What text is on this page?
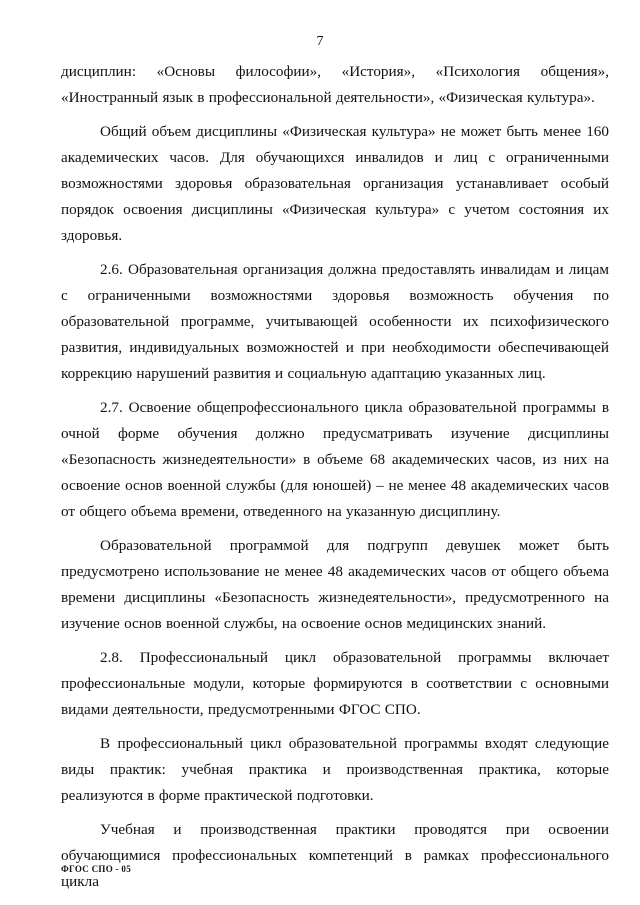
7

дисциплин: «Основы философии», «История», «Психология общения», «Иностранный язык в профессиональной деятельности», «Физическая культура».

Общий объем дисциплины «Физическая культура» не может быть менее 160 академических часов. Для обучающихся инвалидов и лиц с ограниченными возможностями здоровья образовательная организация устанавливает особый порядок освоения дисциплины «Физическая культура» с учетом состояния их здоровья.

2.6. Образовательная организация должна предоставлять инвалидам и лицам с ограниченными возможностями здоровья возможность обучения по образовательной программе, учитывающей особенности их психофизического развития, индивидуальных возможностей и при необходимости обеспечивающей коррекцию нарушений развития и социальную адаптацию указанных лиц.

2.7. Освоение общепрофессионального цикла образовательной программы в очной форме обучения должно предусматривать изучение дисциплины «Безопасность жизнедеятельности» в объеме 68 академических часов, из них на освоение основ военной службы (для юношей) – не менее 48 академических часов от общего объема времени, отведенного на указанную дисциплину.

Образовательной программой для подгрупп девушек может быть предусмотрено использование не менее 48 академических часов от общего объема времени дисциплины «Безопасность жизнедеятельности», предусмотренного на изучение основ военной службы, на освоение основ медицинских знаний.

2.8. Профессиональный цикл образовательной программы включает профессиональные модули, которые формируются в соответствии с основными видами деятельности, предусмотренными ФГОС СПО.

В профессиональный цикл образовательной программы входят следующие виды практик: учебная практика и производственная практика, которые реализуются в форме практической подготовки.

Учебная и производственная практики проводятся при освоении обучающимися профессиональных компетенций в рамках профессионального цикла

ФГОС СПО - 05
